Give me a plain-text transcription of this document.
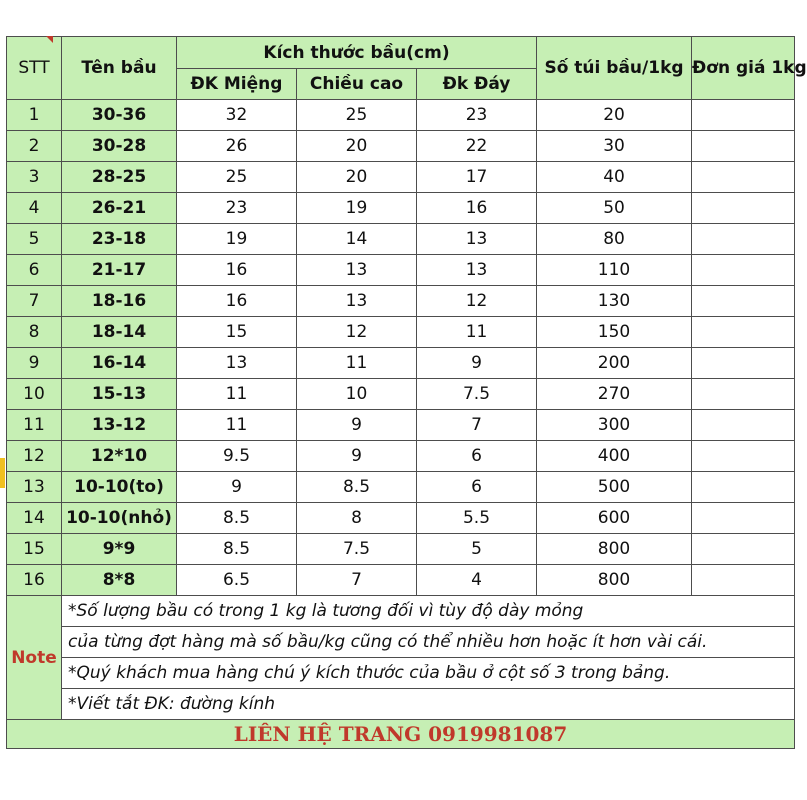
STT	Tên bầu	Kích thước bầu(cm)			Số túi bầu/1kg	Đơn giá 1kg
		ĐK Miệng	Chiều cao	Đk Đáy		
1	30-36	32	25	23	20	
2	30-28	26	20	22	30	
3	28-25	25	20	17	40	
4	26-21	23	19	16	50	
5	23-18	19	14	13	80	
6	21-17	16	13	13	110	
7	18-16	16	13	12	130	
8	18-14	15	12	11	150	
9	16-14	13	11	9	200	
10	15-13	11	10	7.5	270	
11	13-12	11	9	7	300	
12	12*10	9.5	9	6	400	
13	10-10(to)	9	8.5	6	500	
14	10-10(nhỏ)	8.5	8	5.5	600	
15	9*9	8.5	7.5	5	800	
16	8*8	6.5	7	4	800	
Note	*Số lượng bầu có trong 1 kg là tương đối vì tùy độ dày mỏng					
	của từng đợt hàng mà số bầu/kg cũng có thể nhiều hơn hoặc ít hơn vài cái.					
	*Quý khách mua hàng chú ý kích thước của bầu ở cột số 3 trong bảng.					
	*Viết tắt ĐK: đường kính					
LIÊN HỆ TRANG 0919981087						
